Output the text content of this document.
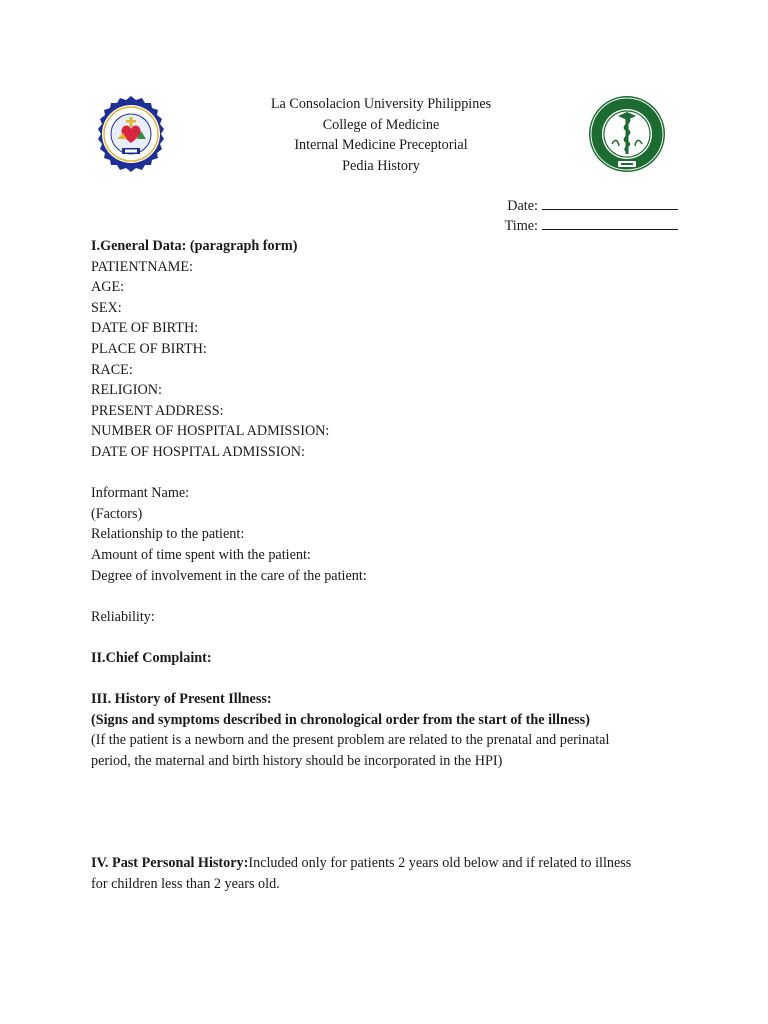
La Consolacion University Philippines
College of Medicine
Internal Medicine Preceptorial
Pedia History
Date:
Time:
I.General Data: (paragraph form)
PATIENTNAME:
AGE:
SEX:
DATE OF BIRTH:
PLACE OF BIRTH:
RACE:
RELIGION:
PRESENT ADDRESS:
NUMBER OF HOSPITAL ADMISSION:
DATE OF HOSPITAL ADMISSION:
Informant Name:
(Factors)
Relationship to the patient:
Amount of time spent with the patient:
Degree of involvement in the care of the patient:
Reliability:
II.Chief Complaint:
III. History of Present Illness:
(Signs and symptoms described in chronological order from the start of the illness)
(If the patient is a newborn and the present problem are related to the prenatal and perinatal
period, the maternal and birth history should be incorporated in the HPI)
IV. Past Personal History:Included only for patients 2 years old below and if related to illness
for children less than 2 years old.
